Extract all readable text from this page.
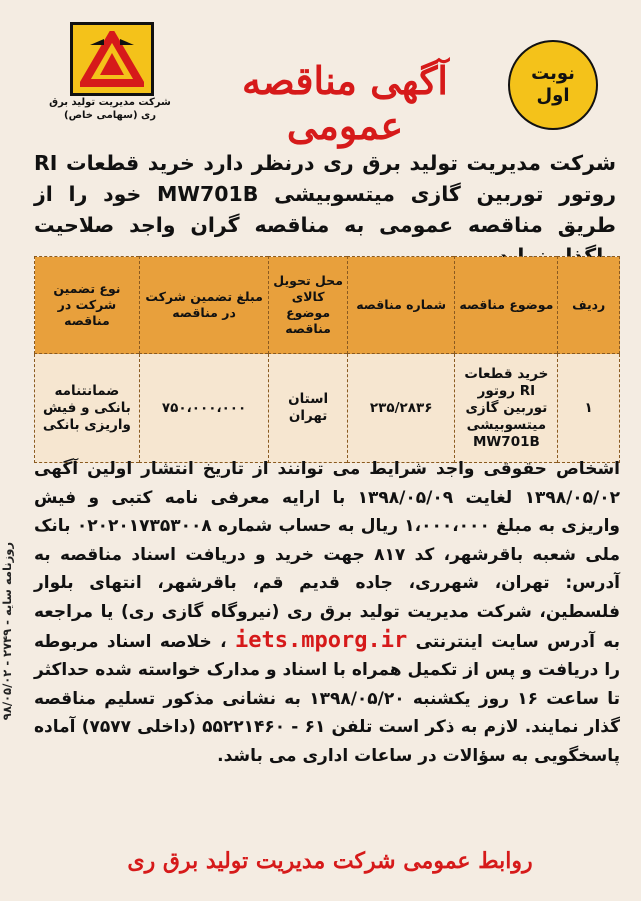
شرکت مدیریت تولید برق ری (سهامی خاص)
آگهی مناقصه عمومی
نوبت
اول
شرکت مدیریت تولید برق ری درنظر دارد خرید قطعات RI روتور توربین گازی میتسوبیشی MW701B خود را از طریق مناقصه عمومی به مناقصه گران واجد صلاحیت
ردیف	موضوع مناقصه	شماره مناقصه	محل تحویل کالای موضوع مناقصه	مبلغ تضمین شرکت در مناقصه	نوع تضمین شرکت در مناقصه
۱	خرید قطعات RI روتور توربین گازی میتسوبیشی MW701B	۲۳۵/۲۸۳۶	استان تهران	۷۵۰،۰۰۰،۰۰۰	ضمانتنامه بانکی و فیش واریزی بانکی
اشخاص حقوقی واجد شرایط می توانند از تاریخ انتشار اولین آگهی ۱۳۹۸/۰۵/۰۲ لغایت ۱۳۹۸/۰۵/۰۹ با ارایه معرفی نامه کتبی و فیش واریزی به مبلغ ۱،۰۰۰،۰۰۰ ریال به حساب شماره ۰۲۰۲۰۱۷۳۵۳۰۰۸ بانک ملی شعبه باقرشهر، کد ۸۱۷ جهت خرید و دریافت اسناد مناقصه به آدرس: تهران، شهرری، جاده قدیم قم، باقرشهر، انتهای بلوار فلسطین، شرکت مدیریت تولید برق ری (نیروگاه گازی ری) یا مراجعه به آدرس سایت اینترنتی iets.mporg.ir ، خلاصه اسناد مربوطه را دریافت و پس از تکمیل همراه با اسناد و مدارک خواسته شده حداکثر تا ساعت ۱۶ روز یکشنبه ۱۳۹۸/۰۵/۲۰ به نشانی مذکور تسلیم مناقصه گذار نمایند. لازم به ذکر است تلفن ۶۱ - ۵۵۲۲۱۴۶۰ (داخلی ۷۵۷۷) آماده پاسخگویی به سؤالات در ساعات اداری می باشد.
روزنامه سایه - ۲۷۴۹ - ۹۸/۰۵/۰۲
روابط عمومی شرکت مدیریت تولید برق ری
